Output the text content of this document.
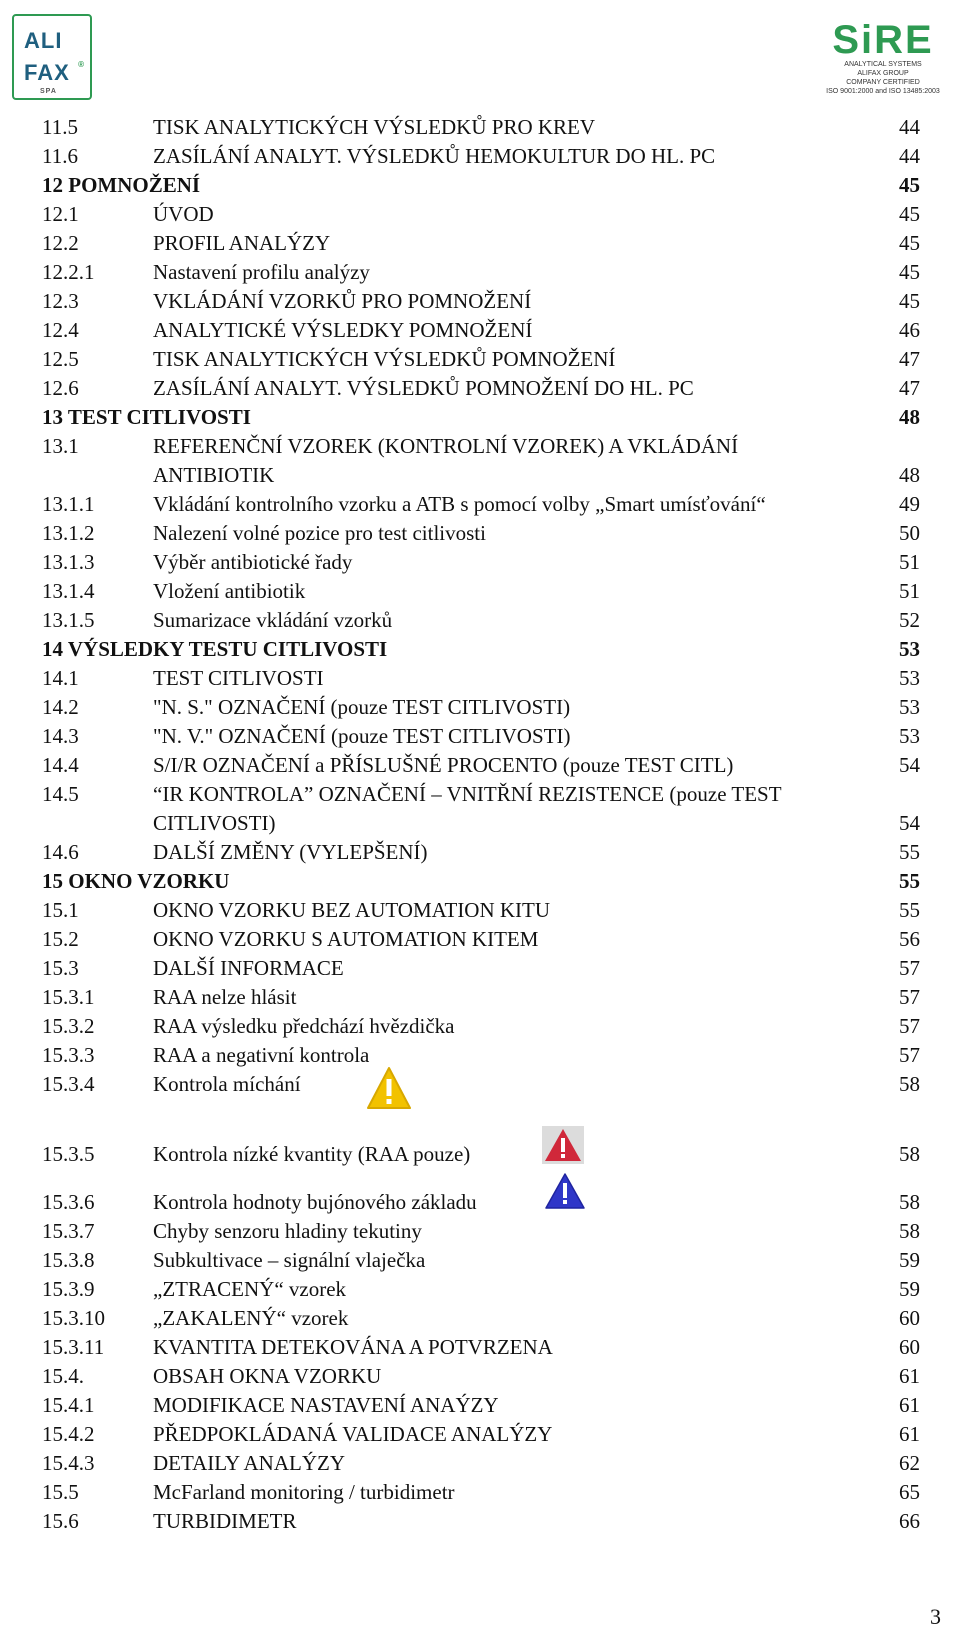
ALI
FAX ®
SPA
SiRE
ANALYTICAL SYSTEMS
ALIFAX GROUP
COMPANY CERTIFIED
ISO 9001:2000 and ISO 13485:2003
11.5	TISK ANALYTICKÝCH VÝSLEDKŮ PRO KREV	44
11.6	ZASÍLÁNÍ ANALYT. VÝSLEDKŮ HEMOKULTUR DO HL. PC	44
12 POMNOŽENÍ	45
12.1	ÚVOD	45
12.2	PROFIL ANALÝZY	45
12.2.1	Nastavení profilu analýzy	45
12.3	VKLÁDÁNÍ VZORKŮ PRO POMNOŽENÍ	45
12.4	ANALYTICKÉ VÝSLEDKY POMNOŽENÍ	46
12.5	TISK ANALYTICKÝCH VÝSLEDKŮ POMNOŽENÍ	47
12.6	ZASÍLÁNÍ ANALYT. VÝSLEDKŮ POMNOŽENÍ DO HL. PC	47
13 TEST CITLIVOSTI	48
13.1	REFERENČNÍ VZOREK (KONTROLNÍ VZOREK) A VKLÁDÁNÍ
ANTIBIOTIK	48
13.1.1	Vkládání kontrolního vzorku a ATB s pomocí volby „Smart umísťování“	49
13.1.2	Nalezení volné pozice pro test citlivosti	50
13.1.3	Výběr antibiotické řady	51
13.1.4	Vložení antibiotik	51
13.1.5	Sumarizace vkládání vzorků	52
14 VÝSLEDKY TESTU CITLIVOSTI	53
14.1	TEST CITLIVOSTI	53
14.2	"N. S." OZNAČENÍ (pouze TEST CITLIVOSTI)	53
14.3	"N. V." OZNAČENÍ (pouze TEST CITLIVOSTI)	53
14.4	S/I/R OZNAČENÍ a PŘÍSLUŠNÉ PROCENTO (pouze TEST CITL)	54
14.5	“IR KONTROLA” OZNAČENÍ – VNITŘNÍ REZISTENCE (pouze TEST
CITLIVOSTI)	54
14.6	DALŠÍ ZMĚNY (VYLEPŠENÍ)	55
15 OKNO VZORKU	55
15.1	OKNO VZORKU BEZ AUTOMATION KITU	55
15.2	OKNO VZORKU S AUTOMATION KITEM	56
15.3	DALŠÍ INFORMACE	57
15.3.1	RAA nelze hlásit	57
15.3.2	RAA výsledku předchází hvězdička	57
15.3.3	RAA a negativní kontrola	57
15.3.4	Kontrola míchání	58
15.3.5	Kontrola nízké kvantity (RAA pouze)	58
15.3.6	Kontrola hodnoty bujónového základu	58
15.3.7	Chyby senzoru hladiny tekutiny	58
15.3.8	Subkultivace – signální vlaječka	59
15.3.9	„ZTRACENÝ“ vzorek	59
15.3.10 „ZAKALENÝ“ vzorek	60
15.3.11 KVANTITA DETEKOVÁNA A POTVRZENA	60
15.4.	OBSAH OKNA VZORKU	61
15.4.1	MODIFIKACE NASTAVENÍ ANAÝZY	61
15.4.2	PŘEDPOKLÁDANÁ VALIDACE ANALÝZY	61
15.4.3	DETAILY ANALÝZY	62
15.5	McFarland monitoring / turbidimetr	65
15.6	TURBIDIMETR	66
3
